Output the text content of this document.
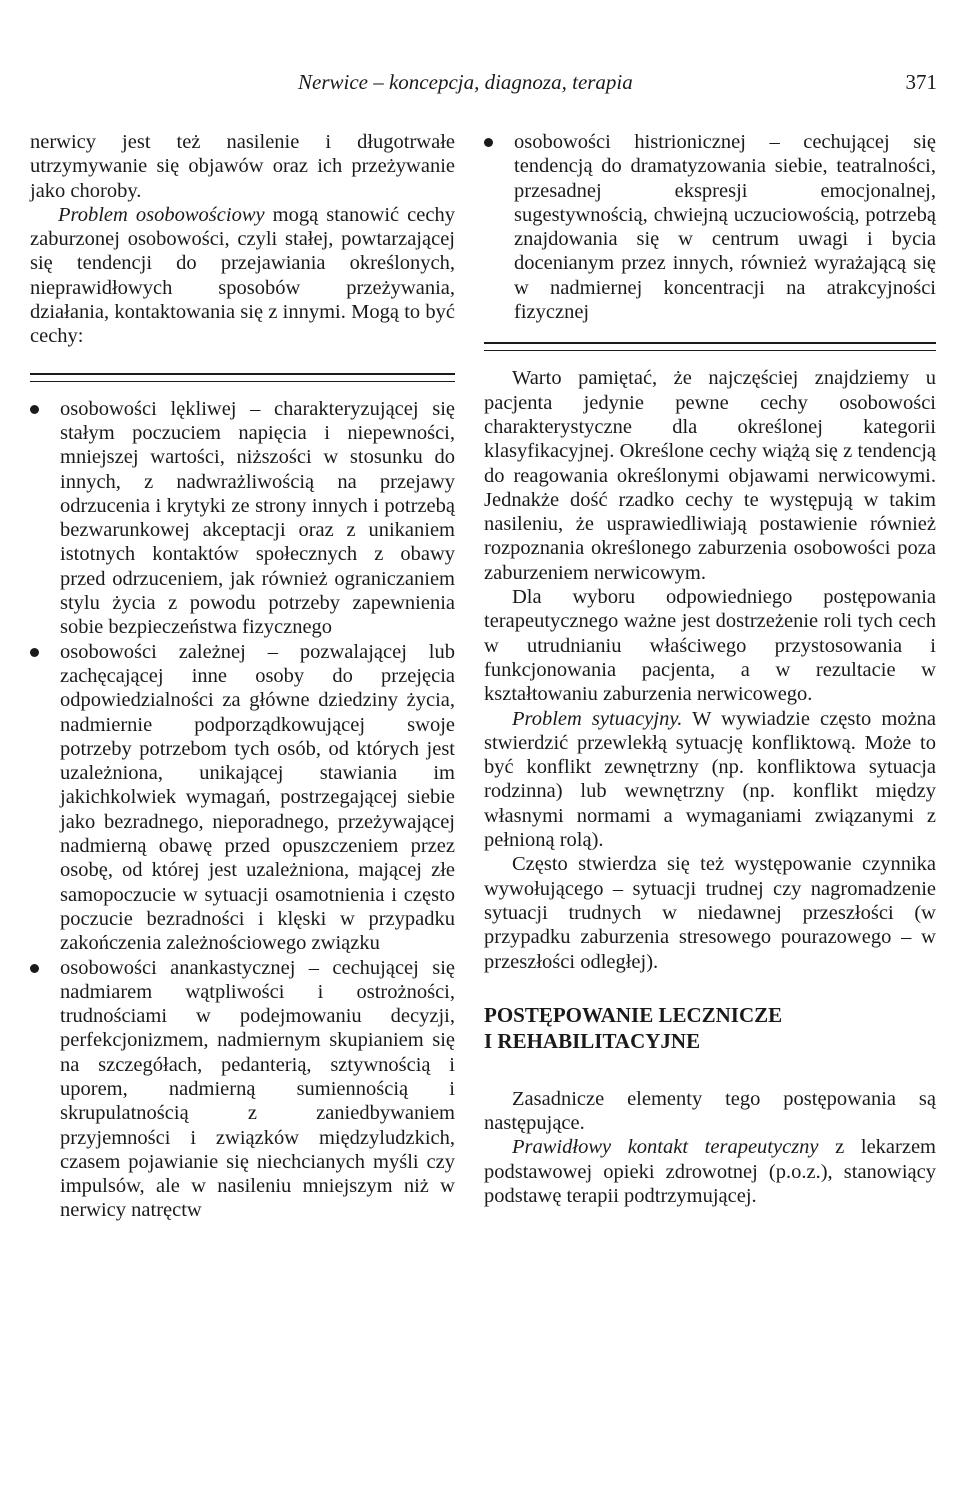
Nerwice – koncepcja, diagnoza, terapia	371

nerwicy jest też nasilenie i długotrwałe utrzymywanie się objawów oraz ich przeżywanie jako choroby.

Problem osobowościowy mogą stanowić cechy zaburzonej osobowości, czyli stałej, powtarzającej się tendencji do przejawiania określonych, nieprawidłowych sposobów przeżywania, działania, kontaktowania się z innymi. Mogą to być cechy:

osobowości lękliwej – charakteryzującej się stałym poczuciem napięcia i niepewności, mniejszej wartości, niższości w stosunku do innych, z nadwrażliwością na przejawy odrzucenia i krytyki ze strony innych i potrzebą bezwarunkowej akceptacji oraz z unikaniem istotnych kontaktów społecznych z obawy przed odrzuceniem, jak również ograniczaniem stylu życia z powodu potrzeby zapewnienia sobie bezpieczeństwa fizycznego
osobowości zależnej – pozwalającej lub zachęcającej inne osoby do przejęcia odpowiedzialności za główne dziedziny życia, nadmiernie podporządkowującej swoje potrzeby potrzebom tych osób, od których jest uzależniona, unikającej stawiania im jakichkolwiek wymagań, postrzegającej siebie jako bezradnego, nieporadnego, przeżywającej nadmierną obawę przed opuszczeniem przez osobę, od której jest uzależniona, mającej złe samopoczucie w sytuacji osamotnienia i często poczucie bezradności i klęski w przypadku zakończenia zależnościowego związku
osobowości anankastycznej – cechującej się nadmiarem wątpliwości i ostrożności, trudnościami w podejmowaniu decyzji, perfekcjonizmem, nadmiernym skupianiem się na szczegółach, pedanterią, sztywnością i uporem, nadmierną sumiennością i skrupulatnością z zaniedbywaniem przyjemności i związków międzyludzkich, czasem pojawianie się niechcianych myśli czy impulsów, ale w nasileniu mniejszym niż w nerwicy natręctw
osobowości histrionicznej – cechującej się tendencją do dramatyzowania siebie, teatralności, przesadnej ekspresji emocjonalnej, sugestywnością, chwiejną uczuciowością, potrzebą znajdowania się w centrum uwagi i bycia docenianym przez innych, również wyrażającą się w nadmiernej koncentracji na atrakcyjności fizycznej

Warto pamiętać, że najczęściej znajdziemy u pacjenta jedynie pewne cechy osobowości charakterystyczne dla określonej kategorii klasyfikacyjnej. Określone cechy wiążą się z tendencją do reagowania określonymi objawami nerwicowymi. Jednakże dość rzadko cechy te występują w takim nasileniu, że usprawiedliwiają postawienie również rozpoznania określonego zaburzenia osobowości poza zaburzeniem nerwicowym.

Dla wyboru odpowiedniego postępowania terapeutycznego ważne jest dostrzeżenie roli tych cech w utrudnianiu właściwego przystosowania i funkcjonowania pacjenta, a w rezultacie w kształtowaniu zaburzenia nerwicowego.

Problem sytuacyjny. W wywiadzie często można stwierdzić przewlekłą sytuację konfliktową. Może to być konflikt zewnętrzny (np. konfliktowa sytuacja rodzinna) lub wewnętrzny (np. konflikt między własnymi normami a wymaganiami związanymi z pełnioną rolą).

Często stwierdza się też występowanie czynnika wywołującego – sytuacji trudnej czy nagromadzenie sytuacji trudnych w niedawnej przeszłości (w przypadku zaburzenia stresowego pourazowego – w przeszłości odległej).

POSTĘPOWANIE LECZNICZE
I REHABILITACYJNE

Zasadnicze elementy tego postępowania są następujące.

Prawidłowy kontakt terapeutyczny z lekarzem podstawowej opieki zdrowotnej (p.o.z.), stanowiący podstawę terapii podtrzymującej.
